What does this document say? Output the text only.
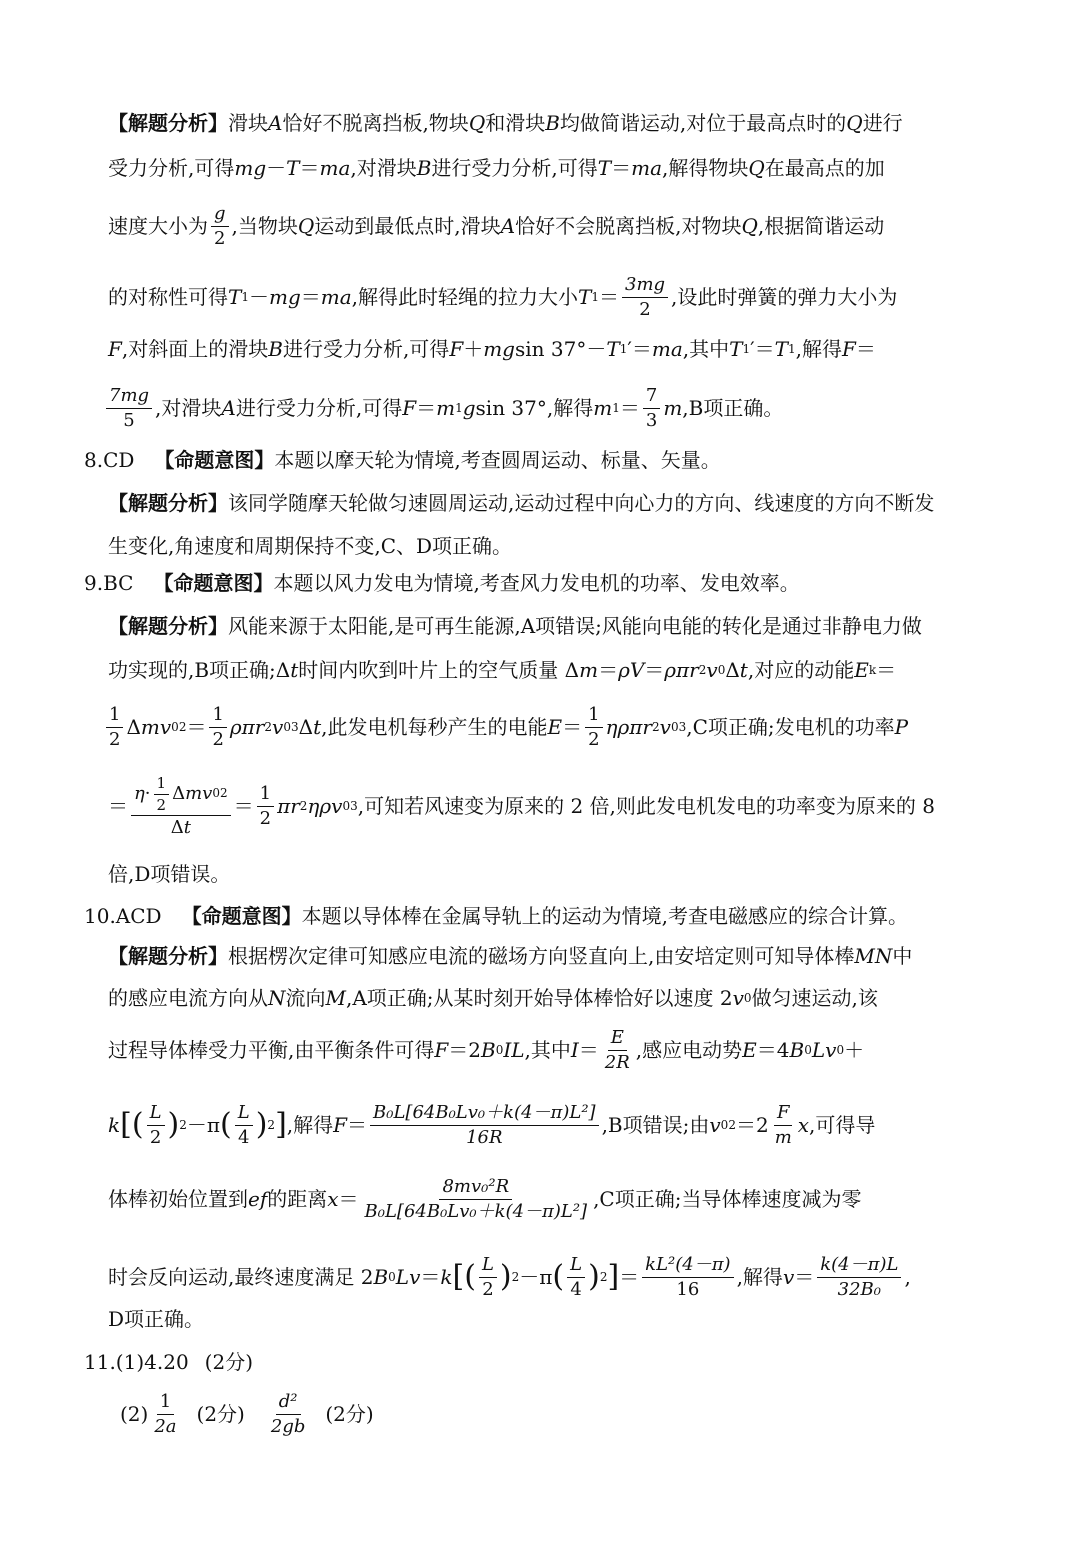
【解题分析】 滑块 A 恰好不脱离挡板,物块 Q 和滑块 B 均做简谐运动,对位于最高点时的 Q 进行
受力分析,可得 mg － T ＝ ma ,对滑块 B 进行受力分析,可得 T ＝ ma ,解得物块 Q 在最高点的加
速度大小为 $\frac{g}{2}$ ,当物块 Q 运动到最低点时,滑块 A 恰好不会脱离挡板,对物块 Q ,根据简谐运动
的对称性可得 T 1 － mg ＝ ma ,解得此时轻绳的拉力大小 T $1 = \frac{3mg}{2}$ ,设此时弹簧的弹力大小为
F ,对斜面上的滑块 B 进行受力分析,可得 F ＋ mg sin 37°－ T 1 ′＝ ma ,其中 T 1 ′＝ T 1 ,解得 F ＝
$\frac{7mg}{5}$ ,对滑块 A 进行受力分析,可得 F ＝ m 1 g sin 37°,解得 m $1 = \frac{7}{3}$ m ,B项正确。
8.CD 【命题意图】 本题以摩天轮为情境,考查圆周运动、标量、矢量。
【解题分析】 该同学随摩天轮做匀速圆周运动,运动过程中向心力的方向、线速度的方向不断发
生变化,角速度和周期保持不变,C、D项正确。
9.BC 【命题意图】 本题以风力发电为情境,考查风力发电机的功率、发电效率。
【解题分析】 风能来源于太阳能,是可再生能源,A项错误;风能向电能的转化是通过非静电力做
功实现的,B项正确;Δ t 时间内吹到叶片上的空气质量 Δ m ＝ ρV ＝ ρπr 2 v 0 Δ t ,对应的动能 E k ＝
$\frac{1}{2}$ Δ mv 0 $2 = \frac{1}{2}$ ρπr 2 v 0 3 Δ t ,此发电机每秒产生的电能 $E = \frac{1}{2}$ ηρπr 2 v 0 3 ,C项正确;发电机的功率 P
＝ $\frac{\eta \cdot \frac{1}{2} \Delta mv 0 2}{\Delta t} = \frac{1}{2}$ πr 2 ηρv 0 3 ,可知若风速变为原来的 2 倍,则此发电机发电的功率变为原来的 8
倍,D项错误。
10.ACD 【命题意图】 本题以导体棒在金属导轨上的运动为情境,考查电磁感应的综合计算。
【解题分析】 根据楞次定律可知感应电流的磁场方向竖直向上,由安培定则可知导体棒 MN 中
的感应电流方向从 N 流向 M ,A项正确;从某时刻开始导体棒恰好以速度 2 v 0 做匀速运动,该
过程导体棒受力平衡,由平衡条件可得 F ＝2 B 0 IL ,其中 $I = \frac{E}{2R}$ ,感应电动势 E ＝4 B 0 Lv 0 ＋
k [ ( $\frac{L}{2}$ ) 2 －π ( $\frac{L}{4}$ ) 2 ] ,解得 $F = \frac{\text{B₀L[64B₀Lv₀＋k(4－π)L²]}}{16R} ,B$项错误;由 v 0 $2 =2 \frac{F}{m}$ x ,可得导
体棒初始位置到 ef 的距离 $x = \frac{\text{8mv₀²R}}{\text{B₀L[64B₀Lv₀＋k(4－π)L²]}} ,C$项正确;当导体棒速度减为零
时会反向运动,最终速度满足 2 B 0 Lv ＝ k [ ( $\frac{L}{2}$ ) 2 －π ( $\frac{L}{4}$ ) 2 ] ＝ $\frac{\text{kL²(4－π)}}{16}$ ,解得 $v = \frac{k(4-\pi)L}{\text{32B₀}}$ ,
D项正确。
11.(1)4.20 (2分)
$(2) \frac{1}{2a} (2$分) $\frac{\text{d²}}{2gb} (2$分)
